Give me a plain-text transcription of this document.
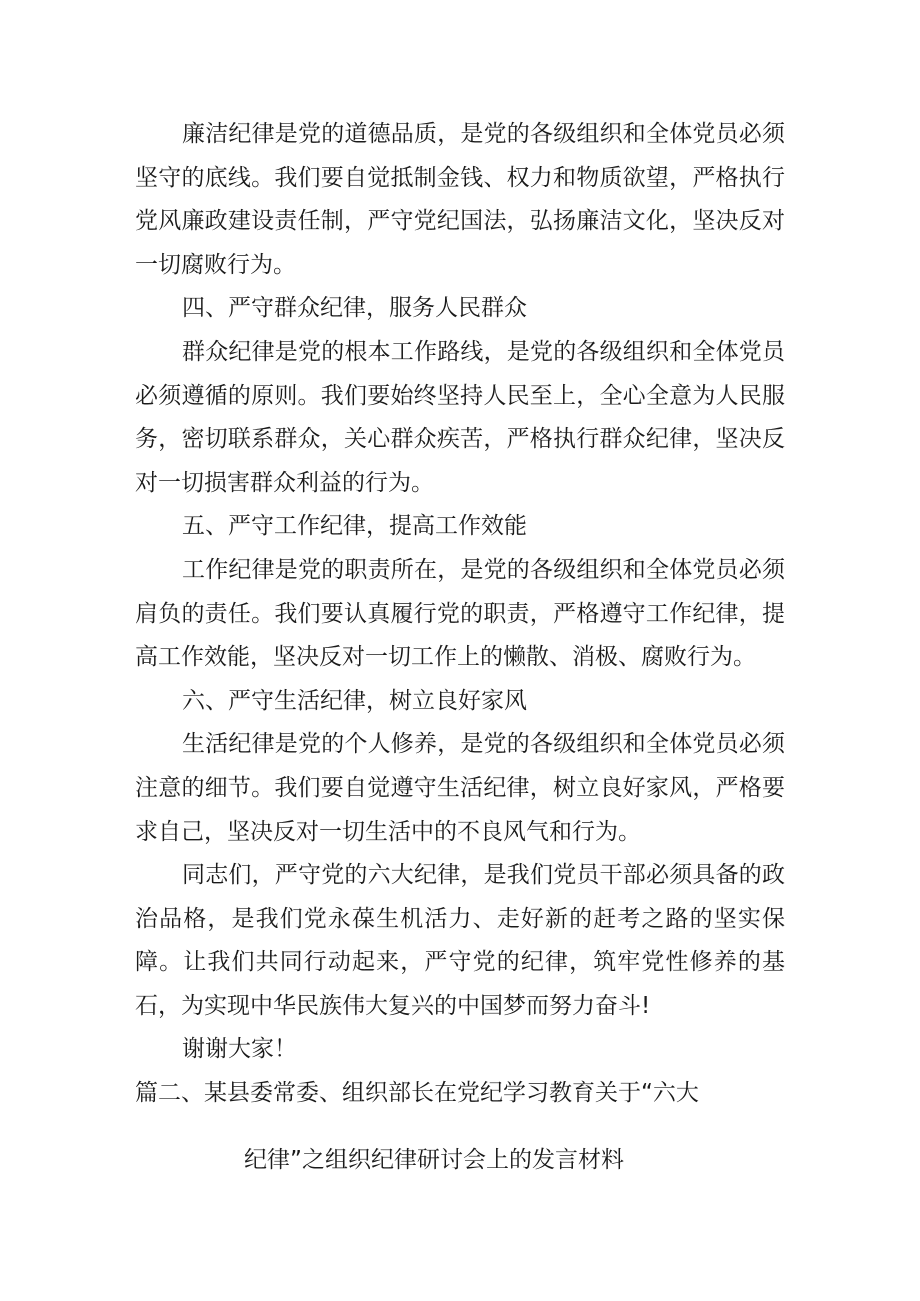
廉洁纪律是党的道德品质，是党的各级组织和全体党员必须坚守的底线。我们要自觉抵制金钱、权力和物质欲望，严格执行党风廉政建设责任制，严守党纪国法，弘扬廉洁文化，坚决反对一切腐败行为。

四、严守群众纪律，服务人民群众

群众纪律是党的根本工作路线，是党的各级组织和全体党员必须遵循的原则。我们要始终坚持人民至上，全心全意为人民服务，密切联系群众，关心群众疾苦，严格执行群众纪律，坚决反对一切损害群众利益的行为。

五、严守工作纪律，提高工作效能

工作纪律是党的职责所在，是党的各级组织和全体党员必须肩负的责任。我们要认真履行党的职责，严格遵守工作纪律，提高工作效能，坚决反对一切工作上的懒散、消极、腐败行为。

六、严守生活纪律，树立良好家风

生活纪律是党的个人修养，是党的各级组织和全体党员必须注意的细节。我们要自觉遵守生活纪律，树立良好家风，严格要求自己，坚决反对一切生活中的不良风气和行为。

同志们，严守党的六大纪律，是我们党员干部必须具备的政治品格，是我们党永葆生机活力、走好新的赶考之路的坚实保障。让我们共同行动起来，严守党的纪律，筑牢党性修养的基石，为实现中华民族伟大复兴的中国梦而努力奋斗!

谢谢大家！

篇二、某县委常委、组织部长在党纪学习教育关于“六大
纪律”之组织纪律研讨会上的发言材料
